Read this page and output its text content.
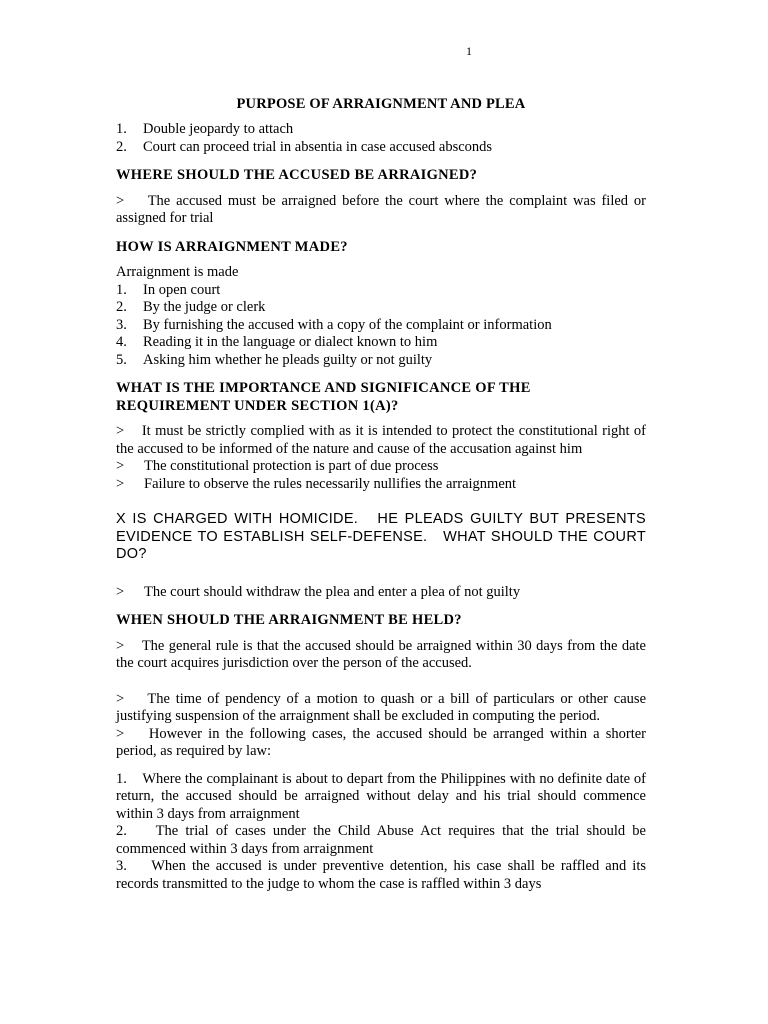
1
PURPOSE OF ARRAIGNMENT AND PLEA
1.	Double jeopardy to attach
2.	Court can proceed trial in absentia in case accused absconds
WHERE SHOULD THE ACCUSED BE ARRAIGNED?
> The accused must be arraigned before the court where the complaint was filed or assigned for trial
HOW IS ARRAIGNMENT MADE?
Arraignment is made
1.	In open court
2.	By the judge or clerk
3.	By furnishing the accused with a copy of the complaint or information
4.	Reading it in the language or dialect known to him
5.	Asking him whether he pleads guilty or not guilty
WHAT IS THE IMPORTANCE AND SIGNIFICANCE OF THE REQUIREMENT UNDER SECTION 1(A)?
> It must be strictly complied with as it is intended to protect the constitutional right of the accused to be informed of the nature and cause of the accusation against him
>	The constitutional protection is part of due process
>	Failure to observe the rules necessarily nullifies the arraignment
X IS CHARGED WITH HOMICIDE.   HE PLEADS GUILTY BUT PRESENTS EVIDENCE TO ESTABLISH SELF-DEFENSE.   WHAT SHOULD THE COURT DO?
>	The court should withdraw the plea and enter a plea of not guilty
WHEN SHOULD THE ARRAIGNMENT BE HELD?
> The general rule is that the accused should be arraigned within 30 days from the date the court acquires jurisdiction over the person of the accused.
> The time of pendency of a motion to quash or a bill of particulars or other cause justifying suspension of the arraignment shall be excluded in computing the period.
> However in the following cases, the accused should be arranged within a shorter period, as required by law:
1. Where the complainant is about to depart from the Philippines with no definite date of return, the accused should be arraigned without delay and his trial should commence within 3 days from arraignment
2. The trial of cases under the Child Abuse Act requires that the trial should be commenced within 3 days from arraignment
3. When the accused is under preventive detention, his case shall be raffled and its records transmitted to the judge to whom the case is raffled within 3 days
